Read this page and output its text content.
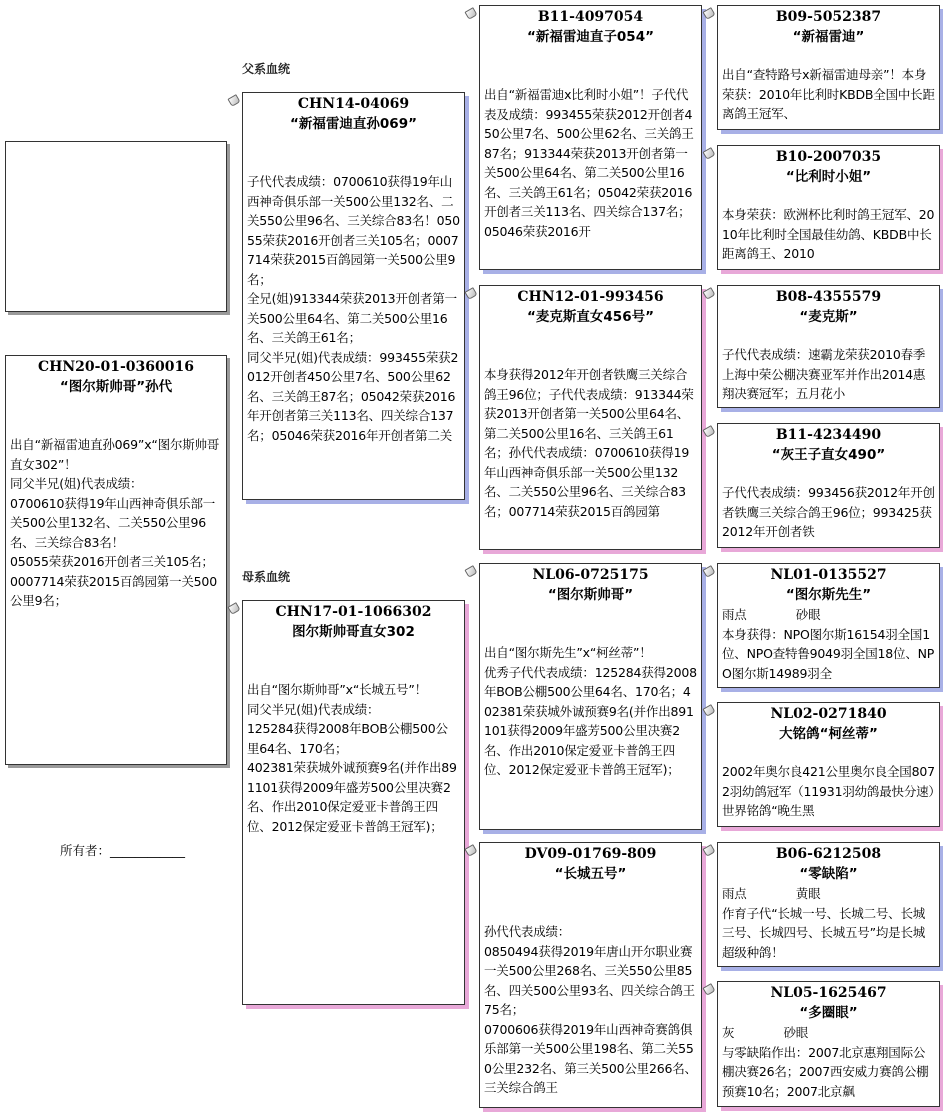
父系血统
母系血统
所有者：____________
CHN20-01-0360016
“图尔斯帅哥”孙代
出自“新福雷迪直孙069”x“图尔斯帅哥直女302”！
同父半兄(姐)代表成绩：
0700610获得19年山西神奇俱乐部一关500公里132名、二关550公里96名、三关综合83名！
05055荣获2016开创者三关105名；
0007714荣获2015百鸽园第一关500公里9名；
CHN14-04069
“新福雷迪直孙069”
子代代表成绩：0700610获得19年山西神奇俱乐部一关500公里132名、二关550公里96名、三关综合83名！05055荣获2016开创者三关105名；0007714荣获2015百鸽园第一关500公里9名；
全兄(姐)913344荣获2013开创者第一关500公里64名、第二关500公里16名、三关鸽王61名；
同父半兄(姐)代表成绩：993455荣获2012开创者450公里7名、500公里62名、三关鸽王87名；05042荣获2016年开创者第三关113名、四关综合137名；05046荣获2016年开创者第二关
CHN17-01-1066302
图尔斯帅哥直女302
出自“图尔斯帅哥”x“长城五号”！
同父半兄(姐)代表成绩：
125284获得2008年BOB公棚500公里64名、170名；
402381荣获城外诚预赛9名(并作出891101获得2009年盛芳500公里决赛2名、作出2010保定爱亚卡普鸽王四位、2012保定爱亚卡普鸽王冠军)；
B11-4097054
“新福雷迪直子054”
出自“新福雷迪x比利时小姐”！子代代表及成绩：993455荣获2012开创者450公里7名、500公里62名、三关鸽王87名；913344荣获2013开创者第一关500公里64名、第二关500公里16名、三关鸽王61名；05042荣获2016开创者三关113名、四关综合137名；05046荣获2016开
CHN12-01-993456
“麦克斯直女456号”
本身获得2012年开创者铁鹰三关综合鸽王96位；子代代表成绩：913344荣获2013开创者第一关500公里64名、第二关500公里16名、三关鸽王61名；孙代代表成绩：0700610获得19年山西神奇俱乐部一关500公里132名、二关550公里96名、三关综合83名；007714荣获2015百鸽园第
NL06-0725175
“图尔斯帅哥”
出自“图尔斯先生”x“柯丝蒂”！
优秀子代代表成绩：125284获得2008年BOB公棚500公里64名、170名；402381荣获城外诚预赛9名(并作出891101获得2009年盛芳500公里决赛2名、作出2010保定爱亚卡普鸽王四位、2012保定爱亚卡普鸽王冠军)；
DV09-01769-809
“长城五号”
孙代代表成绩：
0850494获得2019年唐山开尔职业赛一关500公里268名、三关550公里85名、四关500公里93名、四关综合鸽王75名；
0700606获得2019年山西神奇赛鸽俱乐部第一关500公里198名、第二关550公里232名、第三关500公里266名、三关综合鸽王
B09-5052387
“新福雷迪”
出自“查特路号x新福雷迪母亲”！本身荣获：2010年比利时KBDB全国中长距离鸽王冠军、
B10-2007035
“比利时小姐”
本身荣获：欧洲杯比利时鸽王冠军、2010年比利时全国最佳幼鸽、KBDB中长距离鸽王、2010
B08-4355579
“麦克斯”
子代代表成绩：速霸龙荣获2010春季上海中荣公棚决赛亚军并作出2014惠翔决赛冠军；五月花小
B11-4234490
“灰王子直女490”
子代代表成绩：993456获2012年开创者铁鹰三关综合鸽王96位；993425获2012年开创者铁
NL01-0135527
“图尔斯先生”
雨点　　　　砂眼
本身获得：NPO图尔斯16154羽全国1位、NPO查特鲁9049羽全国18位、NPO图尔斯14989羽全
NL02-0271840
大铭鸽“柯丝蒂”
2002年奥尔良421公里奥尔良全国8072羽幼鸽冠军（11931羽幼鸽最快分速）世界铭鸽“晚生黑
B06-6212508
“零缺陷”
雨点　　　　黄眼
作育子代“长城一号、长城二号、长城三号、长城四号、长城五号”均是长城超级种鸽！
NL05-1625467
“多圈眼”
灰　　　　砂眼
与零缺陷作出：2007北京惠翔国际公棚决赛26名；2007西安威力赛鸽公棚预赛10名；2007北京飙
